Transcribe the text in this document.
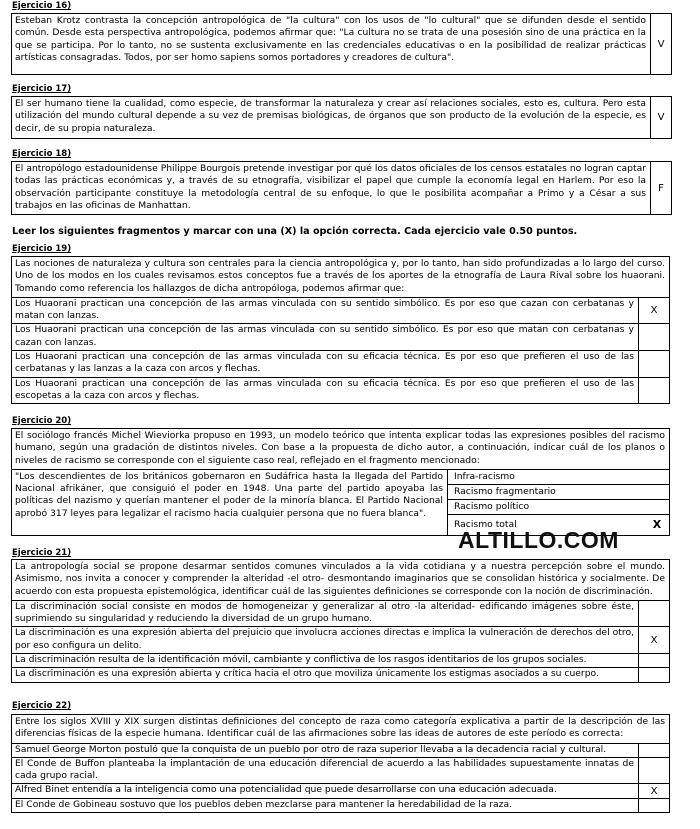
Ejercicio 16)
Esteban Krotz contrasta la concepción antropológica de "la cultura" con los usos de "lo cultural" que se difunden desde el sentido común. Desde esta perspectiva antropológica, podemos afirmar que: "La cultura no se trata de una posesión sino de una práctica en la que se participa. Por lo tanto, no se sustenta exclusivamente en las credenciales educativas o en la posibilidad de realizar prácticas artísticas consagradas. Todos, por ser homo sapiens somos portadores y creadores de cultura".
V
Ejercicio 17)
El ser humano tiene la cualidad, como especie, de transformar la naturaleza y crear así relaciones sociales, esto es, cultura. Pero esta utilización del mundo cultural depende a su vez de premisas biológicas, de órganos que son producto de la evolución de la especie, es decir, de su propia naturaleza.
V
Ejercicio 18)
El antropólogo estadounidense Philippe Bourgois pretende investigar por qué los datos oficiales de los censos estatales no logran captar todas las prácticas económicas y, a través de su etnografía, visibilizar el papel que cumple la economía legal en Harlem. Por eso la observación participante constituye la metodología central de su enfoque, lo que le posibilita acompañar a Primo y a César a sus trabajos en las oficinas de Manhattan.
F
Leer los siguientes fragmentos y marcar con una (X) la opción correcta. Cada ejercicio vale 0.50 puntos.
Ejercicio 19)
Las nociones de naturaleza y cultura son centrales para la ciencia antropológica y, por lo tanto, han sido profundizadas a lo largo del curso. Uno de los modos en los cuales revisamos estos conceptos fue a través de los aportes de la etnografía de Laura Rival sobre los huaorani. Tomando como referencia los hallazgos de dicha antropóloga, podemos afirmar que:
Los Huaorani practican una concepción de las armas vinculada con su sentido simbólico. Es por eso que cazan con cerbatanas y matan con lanzas.	X
Los Huaorani practican una concepción de las armas vinculada con su sentido simbólico. Es por eso que matan con cerbatanas y cazan con lanzas.
Los Huaorani practican una concepción de las armas vinculada con su eficacia técnica. Es por eso que prefieren el uso de las cerbatanas y las lanzas a la caza con arcos y flechas.
Los Huaorani practican una concepción de las armas vinculada con su eficacia técnica. Es por eso que prefieren el uso de las escopetas a la caza con arcos y flechas.
Ejercicio 20)
El sociólogo francés Michel Wieviorka propuso en 1993, un modelo teórico que intenta explicar todas las expresiones posibles del racismo humano, según una gradación de distintos niveles. Con base a la propuesta de dicho autor, a continuación, indicar cuál de los planos o niveles de racismo se corresponde con el siguiente caso real, reflejado en el fragmento mencionado:
"Los descendientes de los británicos gobernaron en Sudáfrica hasta la llegada del Partido Nacional afrikáner, que consiguió el poder en 1948. Una parte del partido apoyaba las políticas del nazismo y querían mantener el poder de la minoría blanca. El Partido Nacional aprobó 317 leyes para legalizar el racismo hacia cualquier persona que no fuera blanca".
Infra-racismo
Racismo fragmentario
Racismo político
Racismo total	X
ALTILLO.COM
Ejercicio 21)
La antropología social se propone desarmar sentidos comunes vinculados a la vida cotidiana y a nuestra percepción sobre el mundo. Asimismo, nos invita a conocer y comprender la alteridad -el otro- desmontando imaginarios que se consolidan histórica y socialmente. De acuerdo con esta propuesta epistemológica, identificar cuál de las siguientes definiciones se corresponde con la noción de discriminación.
La discriminación social consiste en modos de homogeneizar y generalizar al otro -la alteridad- edificando imágenes sobre éste, suprimiendo su singularidad y reduciendo la diversidad de un grupo humano.
La discriminación es una expresión abierta del prejuicio que involucra acciones directas e implica la vulneración de derechos del otro, por eso configura un delito.	X
La discriminación resulta de la identificación móvil, cambiante y conflictiva de los rasgos identitarios de los grupos sociales.
La discriminación es una expresión abierta y crítica hacia el otro que moviliza únicamente los estigmas asociados a su cuerpo.
Ejercicio 22)
Entre los siglos XVIII y XIX surgen distintas definiciones del concepto de raza como categoría explicativa a partir de la descripción de las diferencias físicas de la especie humana. Identificar cuál de las afirmaciones sobre las ideas de autores de este período es correcta:
Samuel George Morton postuló que la conquista de un pueblo por otro de raza superior llevaba a la decadencia racial y cultural.
El Conde de Buffon planteaba la implantación de una educación diferencial de acuerdo a las habilidades supuestamente innatas de cada grupo racial.
Alfred Binet entendía a la inteligencia como una potencialidad que puede desarrollarse con una educación adecuada.	X
El Conde de Gobineau sostuvo que los pueblos deben mezclarse para mantener la heredabilidad de la raza.
